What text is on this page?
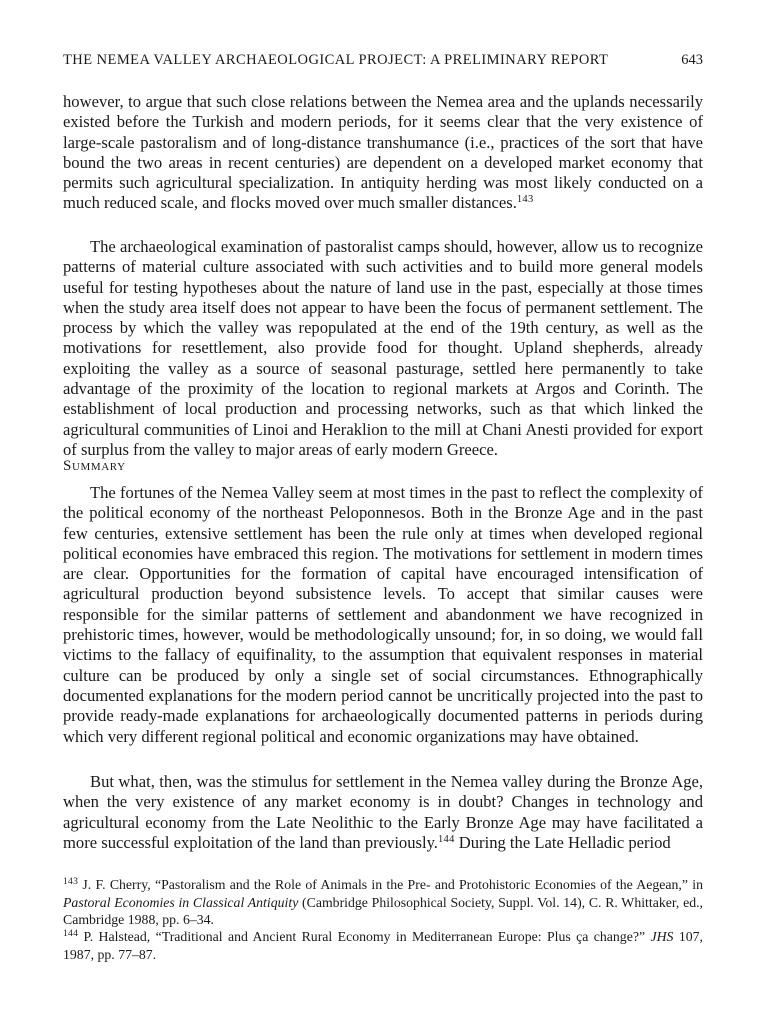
THE NEMEA VALLEY ARCHAEOLOGICAL PROJECT: A PRELIMINARY REPORT	643

however, to argue that such close relations between the Nemea area and the uplands necessarily existed before the Turkish and modern periods, for it seems clear that the very existence of large-scale pastoralism and of long-distance transhumance (i.e., practices of the sort that have bound the two areas in recent centuries) are dependent on a developed market economy that permits such agricultural specialization. In antiquity herding was most likely conducted on a much reduced scale, and flocks moved over much smaller distances.$^{143}$

The archaeological examination of pastoralist camps should, however, allow us to recognize patterns of material culture associated with such activities and to build more general models useful for testing hypotheses about the nature of land use in the past, especially at those times when the study area itself does not appear to have been the focus of permanent settlement. The process by which the valley was repopulated at the end of the 19th century, as well as the motivations for resettlement, also provide food for thought. Upland shepherds, already exploiting the valley as a source of seasonal pasturage, settled here permanently to take advantage of the proximity of the location to regional markets at Argos and Corinth. The establishment of local production and processing networks, such as that which linked the agricultural communities of Linoi and Heraklion to the mill at Chani Anesti provided for export of surplus from the valley to major areas of early modern Greece.

Summary

The fortunes of the Nemea Valley seem at most times in the past to reflect the complexity of the political economy of the northeast Peloponnesos. Both in the Bronze Age and in the past few centuries, extensive settlement has been the rule only at times when developed regional political economies have embraced this region. The motivations for settlement in modern times are clear. Opportunities for the formation of capital have encouraged intensification of agricultural production beyond subsistence levels. To accept that similar causes were responsible for the similar patterns of settlement and abandonment we have recognized in prehistoric times, however, would be methodologically unsound; for, in so doing, we would fall victims to the fallacy of equifinality, to the assumption that equivalent responses in material culture can be produced by only a single set of social circumstances. Ethnographically documented explanations for the modern period cannot be uncritically projected into the past to provide ready-made explanations for archaeologically documented patterns in periods during which very different regional political and economic organizations may have obtained.

But what, then, was the stimulus for settlement in the Nemea valley during the Bronze Age, when the very existence of any market economy is in doubt? Changes in technology and agricultural economy from the Late Neolithic to the Early Bronze Age may have facilitated a more successful exploitation of the land than previously.$^{144}$ During the Late Helladic period

$^{143}$ J. F. Cherry, “Pastoralism and the Role of Animals in the Pre- and Protohistoric Economies of the Aegean,” in Pastoral Economies in Classical Antiquity (Cambridge Philosophical Society, Suppl. Vol. 14), C. R. Whittaker, ed., Cambridge 1988, pp. 6–34.
$^{144}$ P. Halstead, “Traditional and Ancient Rural Economy in Mediterranean Europe: Plus ça change?” JHS 107, 1987, pp. 77–87.
